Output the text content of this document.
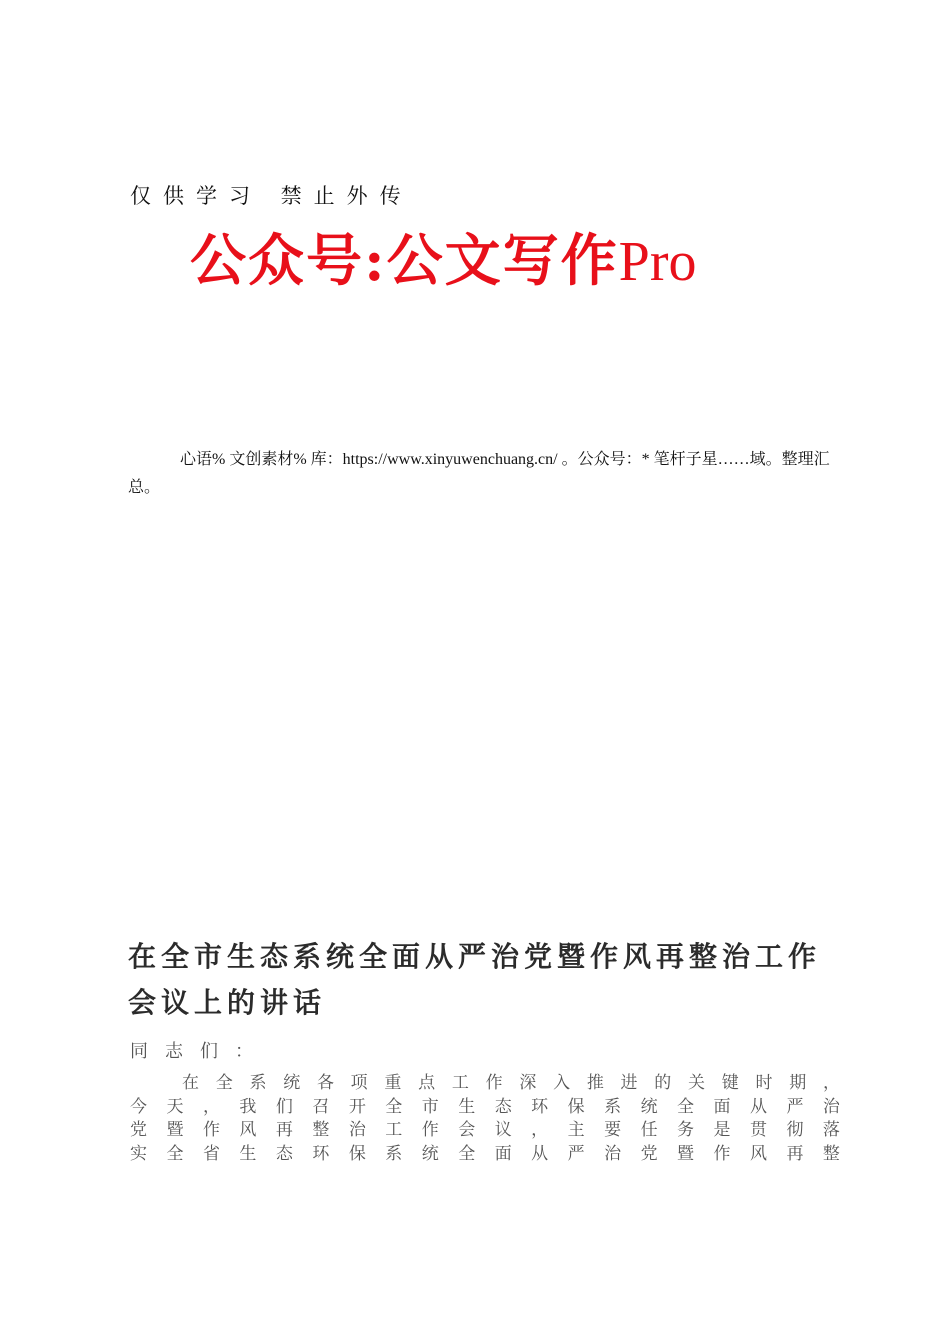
仅供学习 禁止外传
公众号:公文写作Pro
心语% 文创素材% 库：https://www.xinyuwenchuang.cn/ 。公众号：* 笔杆子星……域。整理汇总。
在全市生态系统全面从严治党暨作风再整治工作会议上的讲话
同志们：
在 全 系 统 各 项 重 点 工 作 深 入 推 进 的 关 键 时 期 ，
今 天 ， 我 们 召 开 全 市 生 态 环 保 系 统 全 面 从 严 治
党 暨 作 风 再 整 治 工 作 会 议 ， 主 要 任 务 是 贯 彻 落
实 全 省 生 态 环 保 系 统 全 面 从 严 治 党 暨 作 风 再 整
